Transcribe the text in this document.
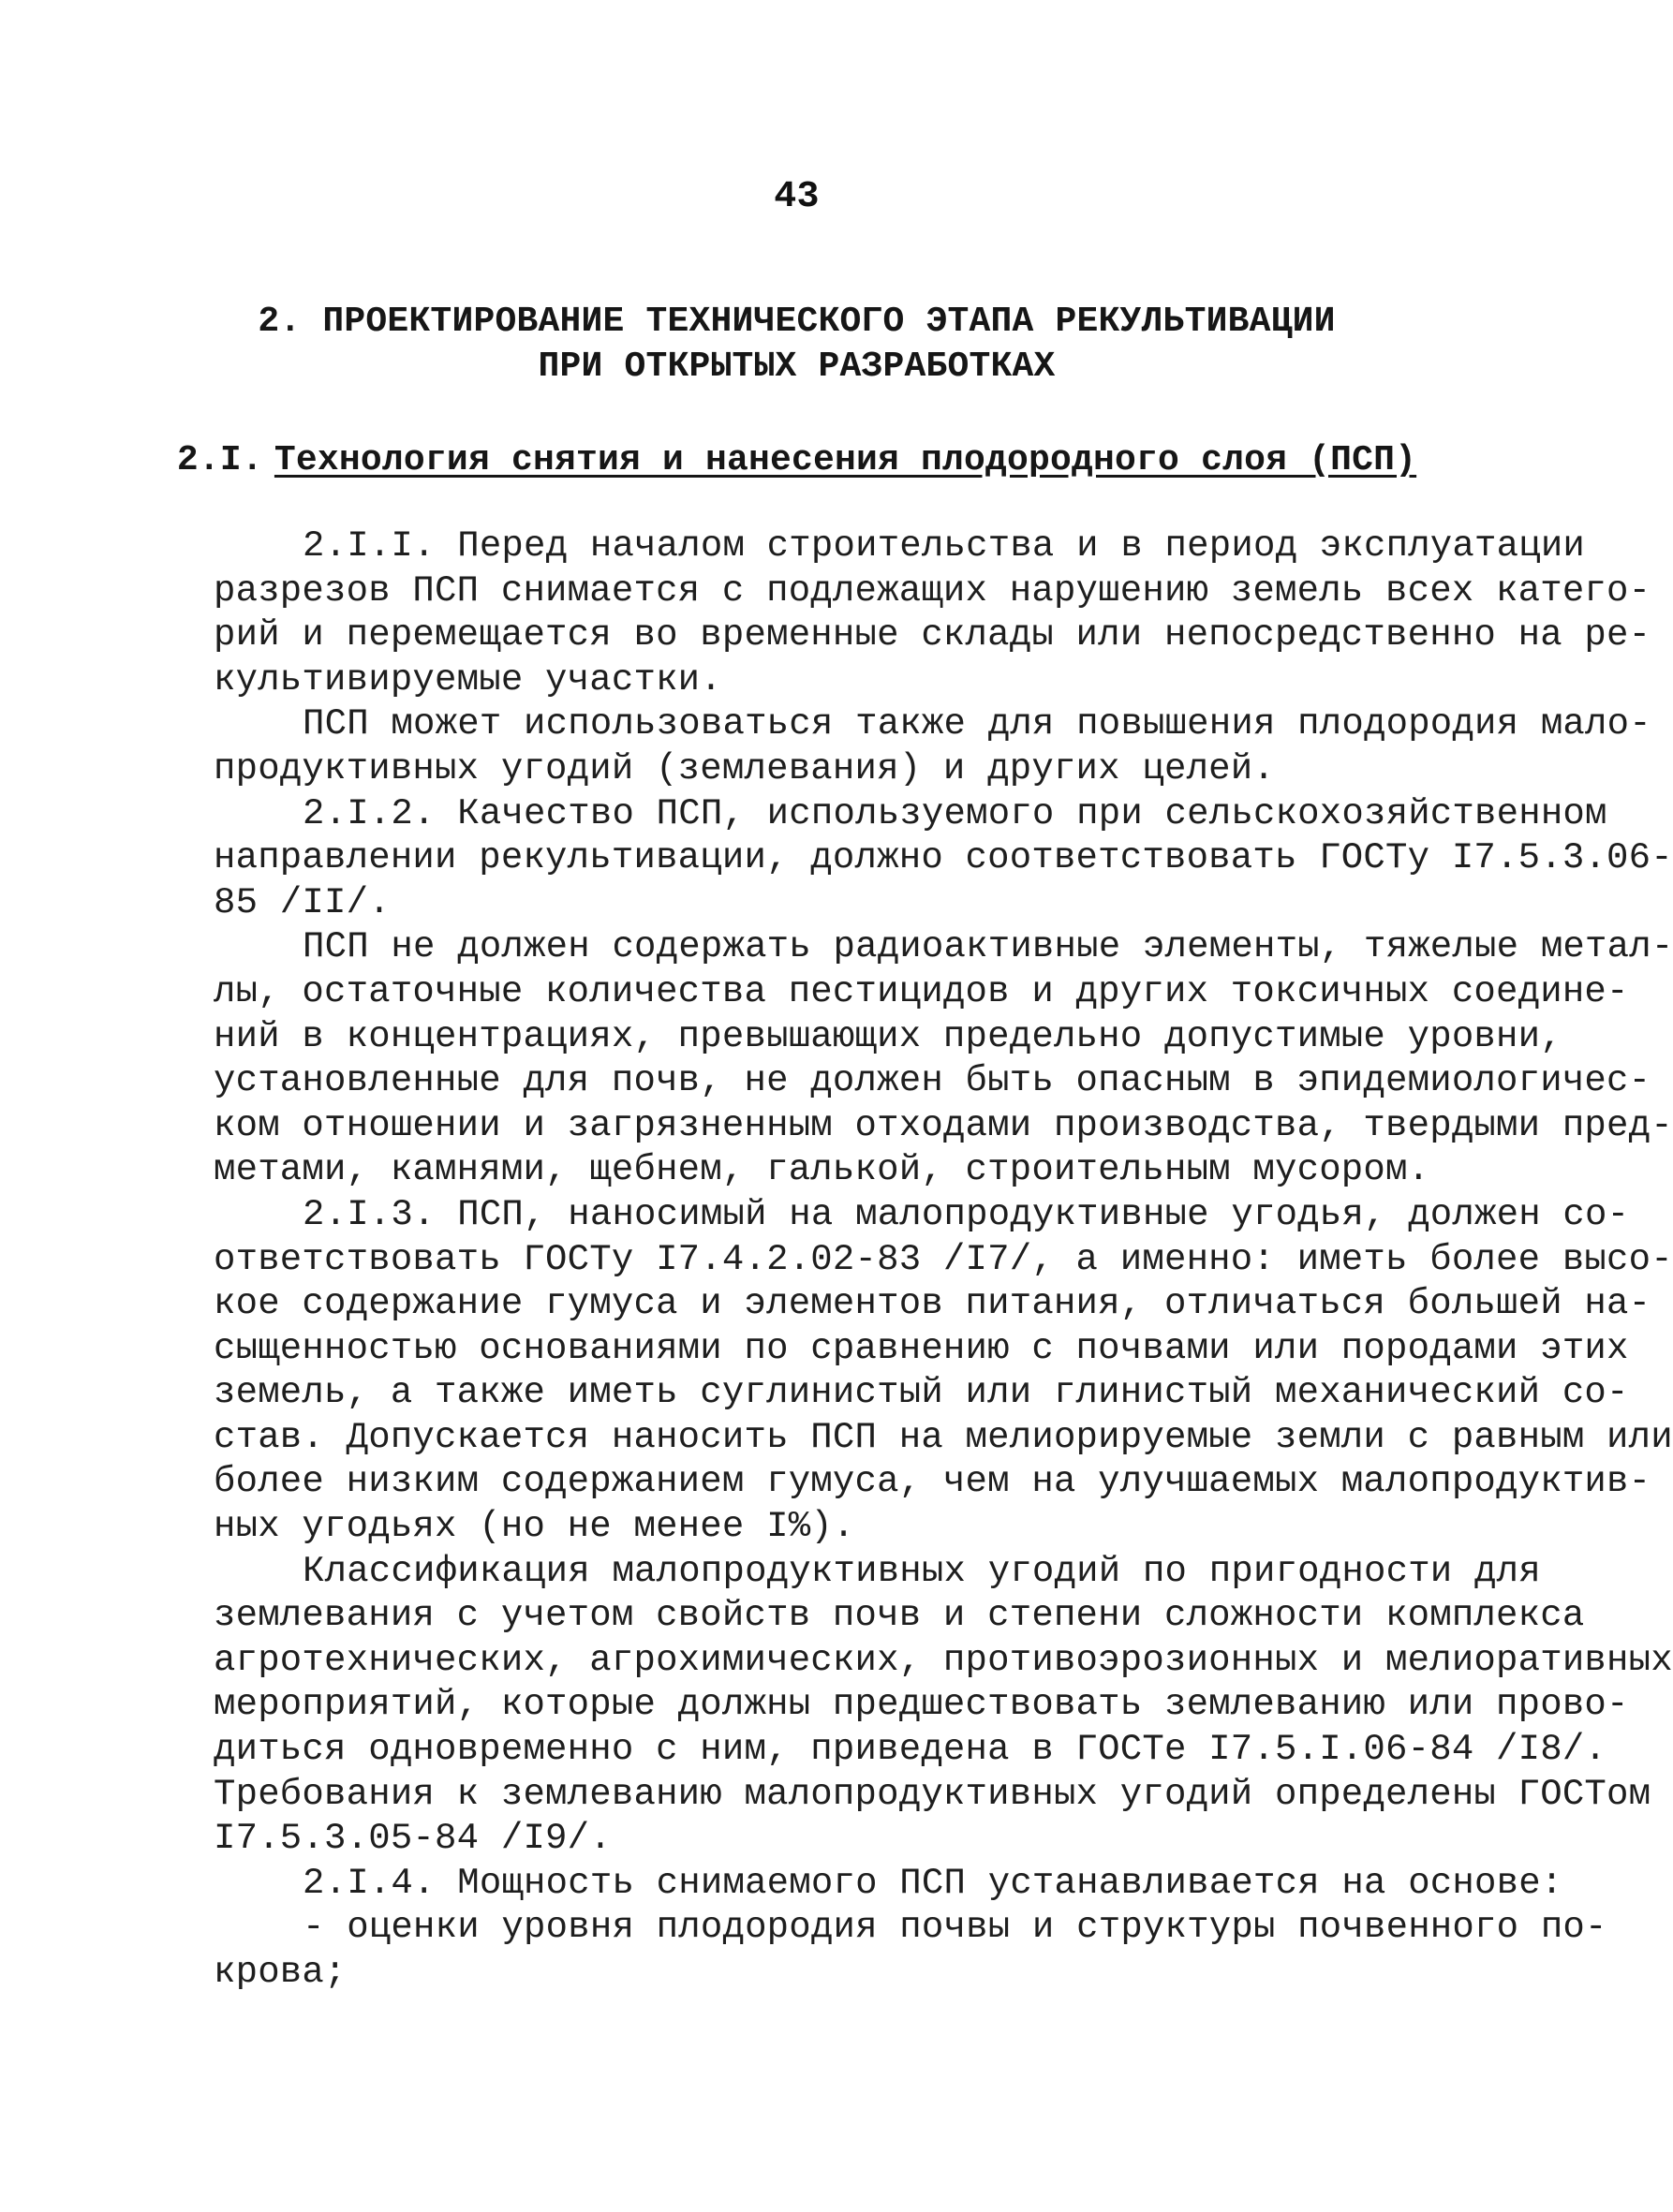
43
2. ПРОЕКТИРОВАНИЕ ТЕХНИЧЕСКОГО ЭТАПА РЕКУЛЬТИВАЦИИ
ПРИ ОТКРЫТЫХ РАЗРАБОТКАХ
2.I. Технология снятия и нанесения плодородного слоя (ПСП)
2.I.I. Перед началом строительства и в период эксплуатации
разрезов ПСП снимается с подлежащих нарушению земель всех катего-
рий и перемещается во временные склады или непосредственно на ре-
культивируемые участки.
ПСП может использоваться также для повышения плодородия мало-
продуктивных угодий (землевания) и других целей.
2.I.2. Качество ПСП, используемого при сельскохозяйственном
направлении рекультивации, должно соответствовать ГОСТу I7.5.3.06-
85 /II/.
ПСП не должен содержать радиоактивные элементы, тяжелые метал-
лы, остаточные количества пестицидов и других токсичных соедине-
ний в концентрациях, превышающих предельно допустимые уровни,
установленные для почв, не должен быть опасным в эпидемиологичес-
ком отношении и загрязненным отходами производства, твердыми пред-
метами, камнями, щебнем, галькой, строительным мусором.
2.I.3. ПСП, наносимый на малопродуктивные угодья, должен со-
ответствовать ГОСТу I7.4.2.02-83 /I7/, а именно: иметь более высо-
кое содержание гумуса и элементов питания, отличаться большей на-
сыщенностью основаниями по сравнению с почвами или породами этих
земель, а также иметь суглинистый или глинистый механический со-
став. Допускается наносить ПСП на мелиорируемые земли с равным или
более низким содержанием гумуса, чем на улучшаемых малопродуктив-
ных угодьях (но не менее I%).
Классификация малопродуктивных угодий по пригодности для
землевания с учетом свойств почв и степени сложности комплекса
агротехнических, агрохимических, противоэрозионных и мелиоративных
мероприятий, которые должны предшествовать землеванию или прово-
диться одновременно с ним, приведена в ГОСТе I7.5.I.06-84 /I8/.
Требования к землеванию малопродуктивных угодий определены ГОСТом
I7.5.3.05-84 /I9/.
2.I.4. Мощность снимаемого ПСП устанавливается на основе:
- оценки уровня плодородия почвы и структуры почвенного по-
крова;
